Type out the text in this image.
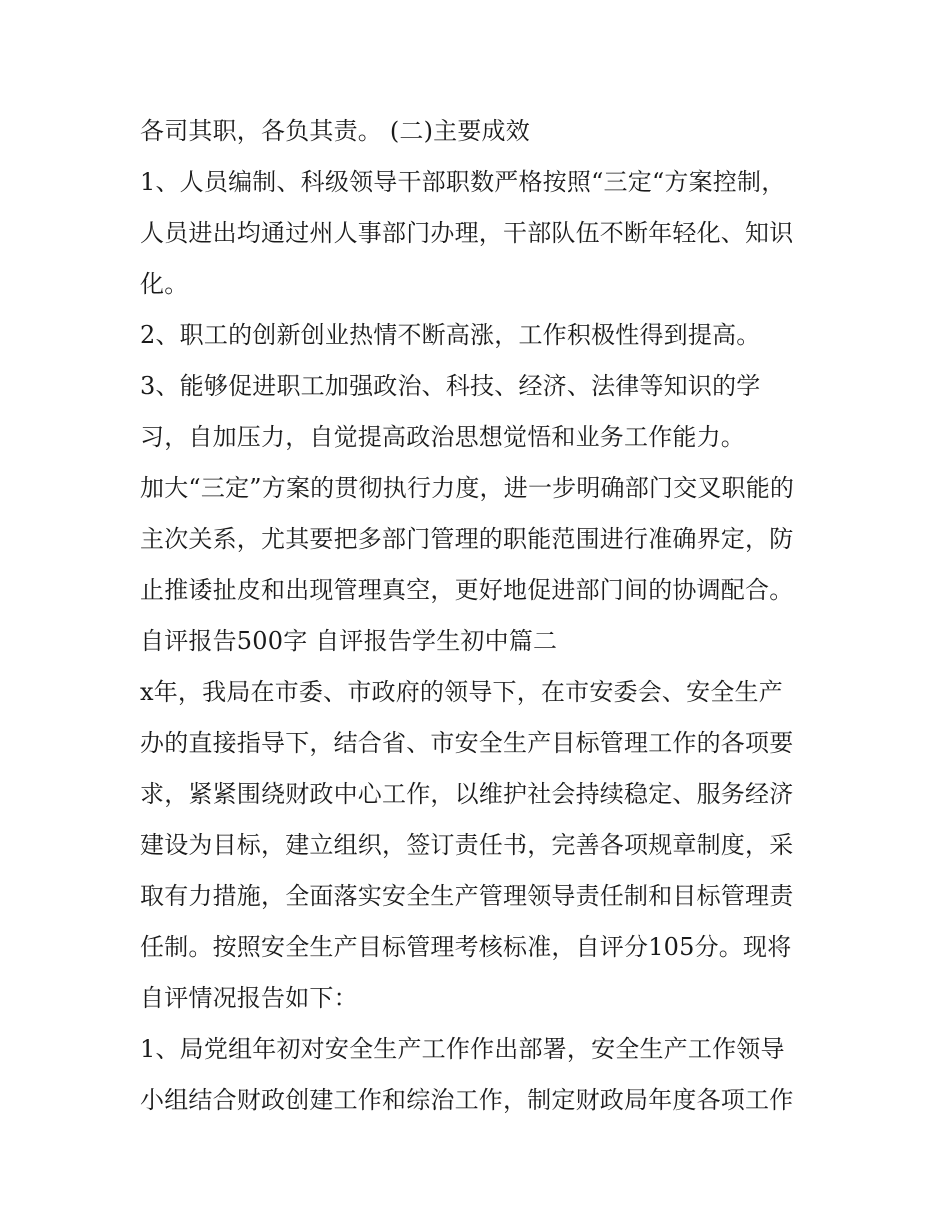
各司其职，各负其责。 (二)主要成效
1、人员编制、科级领导干部职数严格按照“三定“方案控制，
人员进出均通过州人事部门办理，干部队伍不断年轻化、知识
化。
2、职工的创新创业热情不断高涨，工作积极性得到提高。
3、能够促进职工加强政治、科技、经济、法律等知识的学
习，自加压力，自觉提高政治思想觉悟和业务工作能力。
加大“三定”方案的贯彻执行力度，进一步明确部门交叉职能的
主次关系，尤其要把多部门管理的职能范围进行准确界定，防
止推诿扯皮和出现管理真空，更好地促进部门间的协调配合。
自评报告500字 自评报告学生初中篇二
x年，我局在市委、市政府的领导下，在市安委会、安全生产
办的直接指导下，结合省、市安全生产目标管理工作的各项要
求，紧紧围绕财政中心工作，以维护社会持续稳定、服务经济
建设为目标，建立组织，签订责任书，完善各项规章制度，采
取有力措施，全面落实安全生产管理领导责任制和目标管理责
任制。按照安全生产目标管理考核标准，自评分105分。现将
自评情况报告如下：
1、局党组年初对安全生产工作作出部署，安全生产工作领导
小组结合财政创建工作和综治工作，制定财政局年度各项工作
